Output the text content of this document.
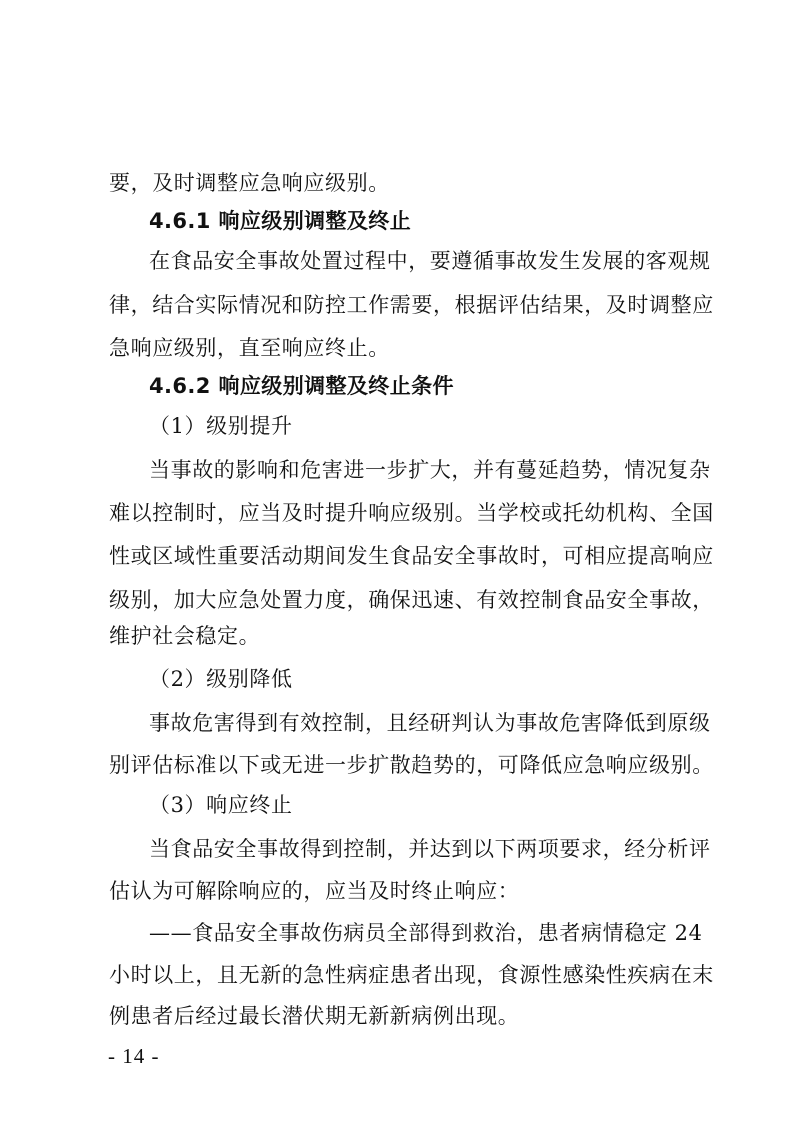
要，及时调整应急响应级别。
4.6.1 响应级别调整及终止
在食品安全事故处置过程中，要遵循事故发生发展的客观规
律，结合实际情况和防控工作需要，根据评估结果，及时调整应
急响应级别，直至响应终止。
4.6.2 响应级别调整及终止条件
（1）级别提升
当事故的影响和危害进一步扩大，并有蔓延趋势，情况复杂
难以控制时，应当及时提升响应级别。当学校或托幼机构、全国
性或区域性重要活动期间发生食品安全事故时，可相应提高响应
级别，加大应急处置力度，确保迅速、有效控制食品安全事故，
维护社会稳定。
（2）级别降低
事故危害得到有效控制，且经研判认为事故危害降低到原级
别评估标准以下或无进一步扩散趋势的，可降低应急响应级别。
（3）响应终止
当食品安全事故得到控制，并达到以下两项要求，经分析评
估认为可解除响应的，应当及时终止响应：
——食品安全事故伤病员全部得到救治，患者病情稳定 24
小时以上，且无新的急性病症患者出现，食源性感染性疾病在末
例患者后经过最长潜伏期无新新病例出现。
- 14 -
